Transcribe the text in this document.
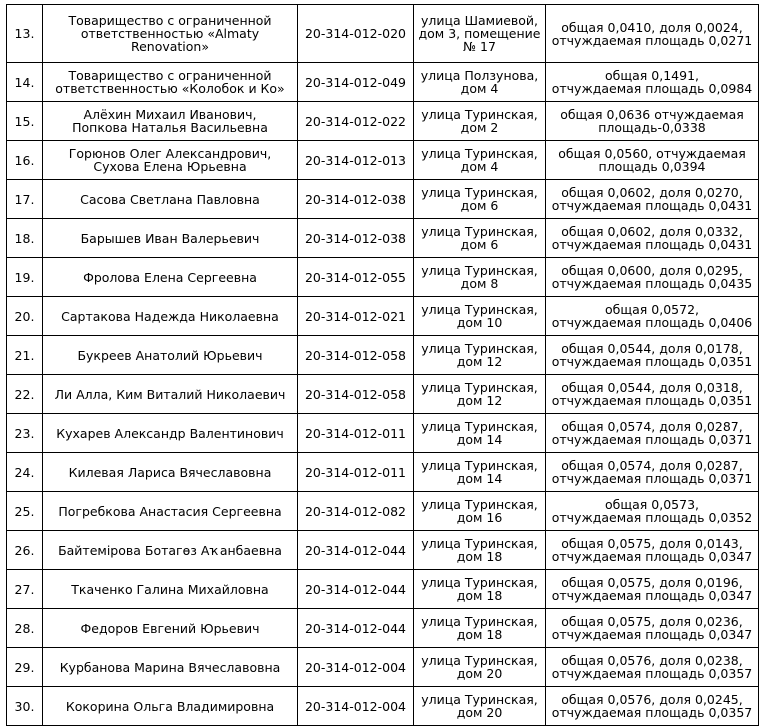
13.	Товарищество с ограниченной
ответственностью «Almaty Renovation»	20-314-012-020	улица Шамиевой,
дом 3, помещение
№ 17	общая 0,0410, доля 0,0024,
отчуждаемая площадь 0,0271
14.	Товарищество с ограниченной
ответственностью «Колобок и Ко»	20-314-012-049	улица Ползунова,
дом 4	общая 0,1491,
отчуждаемая площадь 0,0984
15.	Алёхин Михаил Иванович,
Попкова Наталья Васильевна	20-314-012-022	улица Туринская,
дом 2	общая 0,0636 отчуждаемая
площадь-0,0338
16.	Горюнов Олег Александрович,
Сухова Елена Юрьевна	20-314-012-013	улица Туринская,
дом 4	общая 0,0560, отчуждаемая
площадь 0,0394
17.	Сасова Светлана Павловна	20-314-012-038	улица Туринская,
дом 6	общая 0,0602, доля 0,0270,
отчуждаемая площадь 0,0431
18.	Барышев Иван Валерьевич	20-314-012-038	улица Туринская,
дом 6	общая 0,0602, доля 0,0332,
отчуждаемая площадь 0,0431
19.	Фролова Елена Сергеевна	20-314-012-055	улица Туринская,
дом 8	общая 0,0600, доля 0,0295,
отчуждаемая площадь 0,0435
20.	Сартакова Надежда Николаевна	20-314-012-021	улица Туринская,
дом 10	общая 0,0572,
отчуждаемая площадь 0,0406
21.	Букреев Анатолий Юрьевич	20-314-012-058	улица Туринская,
дом 12	общая 0,0544, доля 0,0178,
отчуждаемая площадь 0,0351
22.	Ли Алла, Ким Виталий Николаевич	20-314-012-058	улица Туринская,
дом 12	общая 0,0544, доля 0,0318,
отчуждаемая площадь 0,0351
23.	Кухарев Александр Валентинович	20-314-012-011	улица Туринская,
дом 14	общая 0,0574, доля 0,0287,
отчуждаемая площадь 0,0371
24.	Килевая Лариса Вячеславовна	20-314-012-011	улица Туринская,
дом 14	общая 0,0574, доля 0,0287,
отчуждаемая площадь 0,0371
25.	Погребкова Анастасия Сергеевна	20-314-012-082	улица Туринская,
дом 16	общая 0,0573,
отчуждаемая площадь 0,0352
26.	Байтемірова Ботагөз Аҡанбаевна	20-314-012-044	улица Туринская,
дом 18	общая 0,0575, доля 0,0143,
отчуждаемая площадь 0,0347
27.	Ткаченко Галина Михайловна	20-314-012-044	улица Туринская,
дом 18	общая 0,0575, доля 0,0196,
отчуждаемая площадь 0,0347
28.	Федоров Евгений Юрьевич	20-314-012-044	улица Туринская,
дом 18	общая 0,0575, доля 0,0236,
отчуждаемая площадь 0,0347
29.	Курбанова Марина Вячеславовна	20-314-012-004	улица Туринская,
дом 20	общая 0,0576, доля 0,0238,
отчуждаемая площадь 0,0357
30.	Кокорина Ольга Владимировна	20-314-012-004	улица Туринская,
дом 20	общая 0,0576, доля 0,0245,
отчуждаемая площадь 0,0357
